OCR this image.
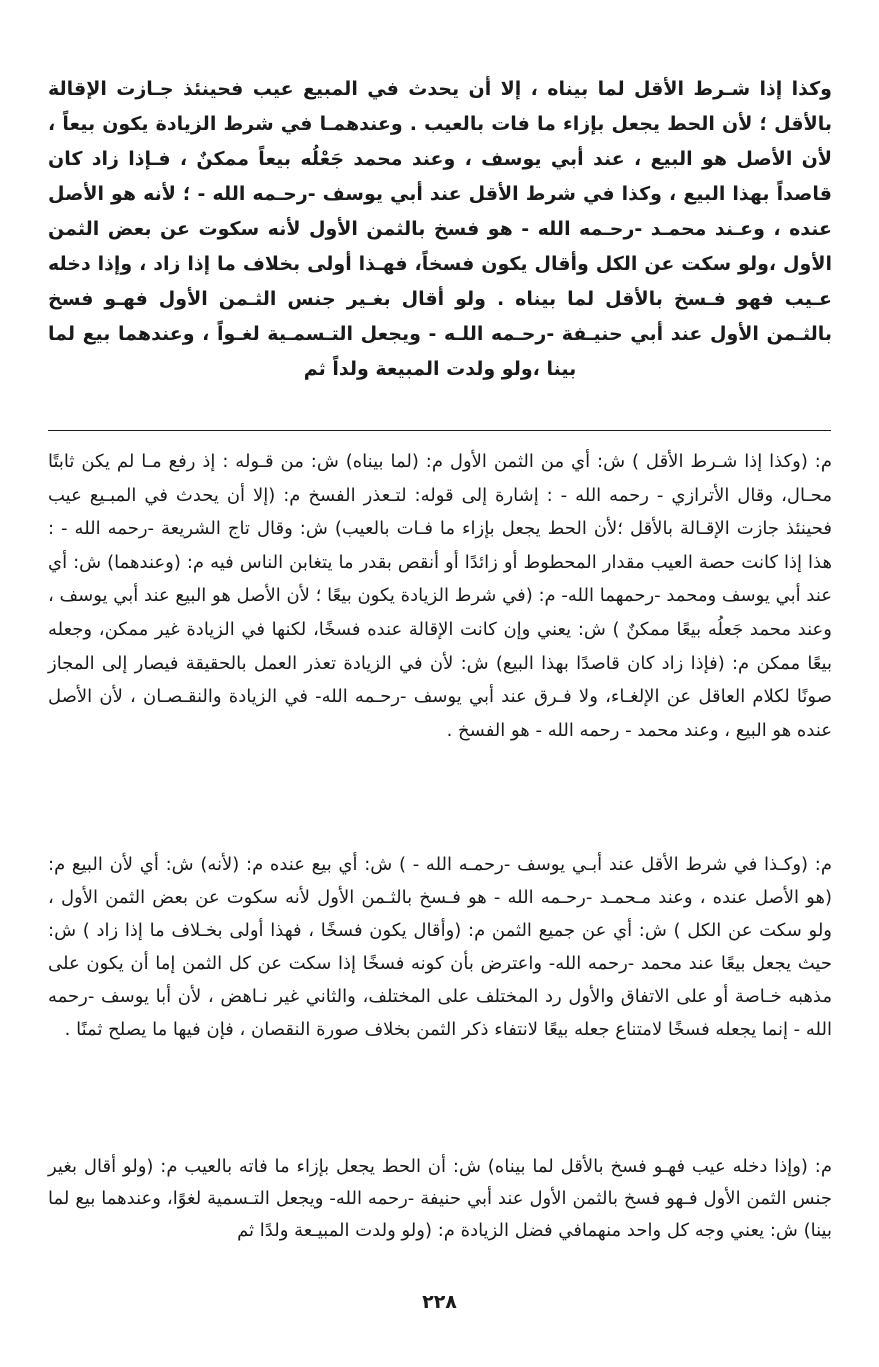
وكذا إذا شـرط الأقل لما بيناه ، إلا أن يحدث في المبيع عيب فحينئذ جـازت الإقالة بالأقل ؛ لأن الحط يجعل بإزاء ما فات بالعيب . وعندهمـا في شرط الزيادة يكون بيعاً ، لأن الأصل هو البيع ، عند أبي يوسف ، وعند محمد جَعْلُه بيعاً ممكنٌ ، فـإذا زاد كان قاصداً بهذا البيع ، وكذا في شرط الأقل عند أبي يوسف -رحـمه الله - ؛ لأنه هو الأصل عنده ، وعـند محمـد -رحـمه الله - هو فسخ بالثمن الأول لأنه سكوت عن بعض الثمن الأول ،ولو سكت عن الكل وأقال يكون فسخاً، فهـذا أولى بخلاف ما إذا زاد ، وإذا دخله عـيب فهو فـسخ بالأقل لما بيناه . ولو أقال بغـير جنس الثـمن الأول فهـو فسخ بالثـمن الأول عند أبي حنيـفة -رحـمه اللـه - ويجعل التـسمـية لغـواً ، وعندهما بيع لما بينا ،ولو ولدت المبيعة ولداً ثم

م: (وكذا إذا شـرط الأقل ) ش: أي من الثمن الأول م: (لما بيناه) ش: من قـوله : إذ رفع مـا لم يكن ثابتًا محـال، وقال الأترازي - رحمه الله - : إشارة إلى قوله: لتـعذر الفسخ م: (إلا أن يحدث في المبـيع عيب فحينئذ جازت الإقـالة بالأقل ؛لأن الحط يجعل بإزاء ما فـات بالعيب) ش: وقال تاج الشريعة -رحمه الله - : هذا إذا كانت حصة العيب مقدار المحطوط أو زائدًا أو أنقص بقدر ما يتغابن الناس فيه م: (وعندهما) ش: أي عند أبي يوسف ومحمد -رحمهما الله- م: (في شرط الزيادة يكون بيعًا ؛ لأن الأصل هو البيع عند أبي يوسف ، وعند محمد جَعلُه بيعًا ممكنٌ ) ش: يعني وإن كانت الإقالة عنده فسخًا، لكنها في الزيادة غير ممكن، وجعله بيعًا ممكن م: (فإذا زاد كان قاصدًا بهذا البيع) ش: لأن في الزيادة تعذر العمل بالحقيقة فيصار إلى المجاز صونًا لكلام العاقل عن الإلغـاء، ولا فـرق عند أبي يوسف -رحـمه الله- في الزيادة والنقـصـان ، لأن الأصل عنده هو البيع ، وعند محمد - رحمه الله - هو الفسخ .

م: (وكـذا في شرط الأقل عند أبـي يوسف -رحمـه الله - ) ش: أي بيع عنده م: (لأنه) ش: أي لأن البيع م: (هو الأصل عنده ، وعند مـحمـد -رحـمه الله - هو فـسخ بالثـمن الأول لأنه سكوت عن بعض الثمن الأول ، ولو سكت عن الكل ) ش: أي عن جميع الثمن م: (وأقال يكون فسخًا ، فهذا أولى بخـلاف ما إذا زاد ) ش: حيث يجعل بيعًا عند محمد -رحمه الله- واعترض بأن كونه فسخًا إذا سكت عن كل الثمن إما أن يكون على مذهبه خـاصة أو على الاتفاق والأول رد المختلف على المختلف، والثاني غير نـاهض ، لأن أبا يوسف -رحمه الله - إنما يجعله فسخًا لامتناع جعله بيعًا لانتفاء ذكر الثمن بخلاف صورة النقصان ، فإن فيها ما يصلح ثمنًا .

م: (وإذا دخله عيب فهـو فسخ بالأقل لما بيناه) ش: أن الحط يجعل بإزاء ما فاته بالعيب م: (ولو أقال بغير جنس الثمن الأول فـهو فسخ بالثمن الأول عند أبي حنيفة -رحمه الله- ويجعل التـسمية لغوًا، وعندهما بيع لما بينا) ش: يعني وجه كل واحد منهمافي فضل الزيادة م: (ولو ولدت المبيـعة ولدًا ثم

٢٢٨
